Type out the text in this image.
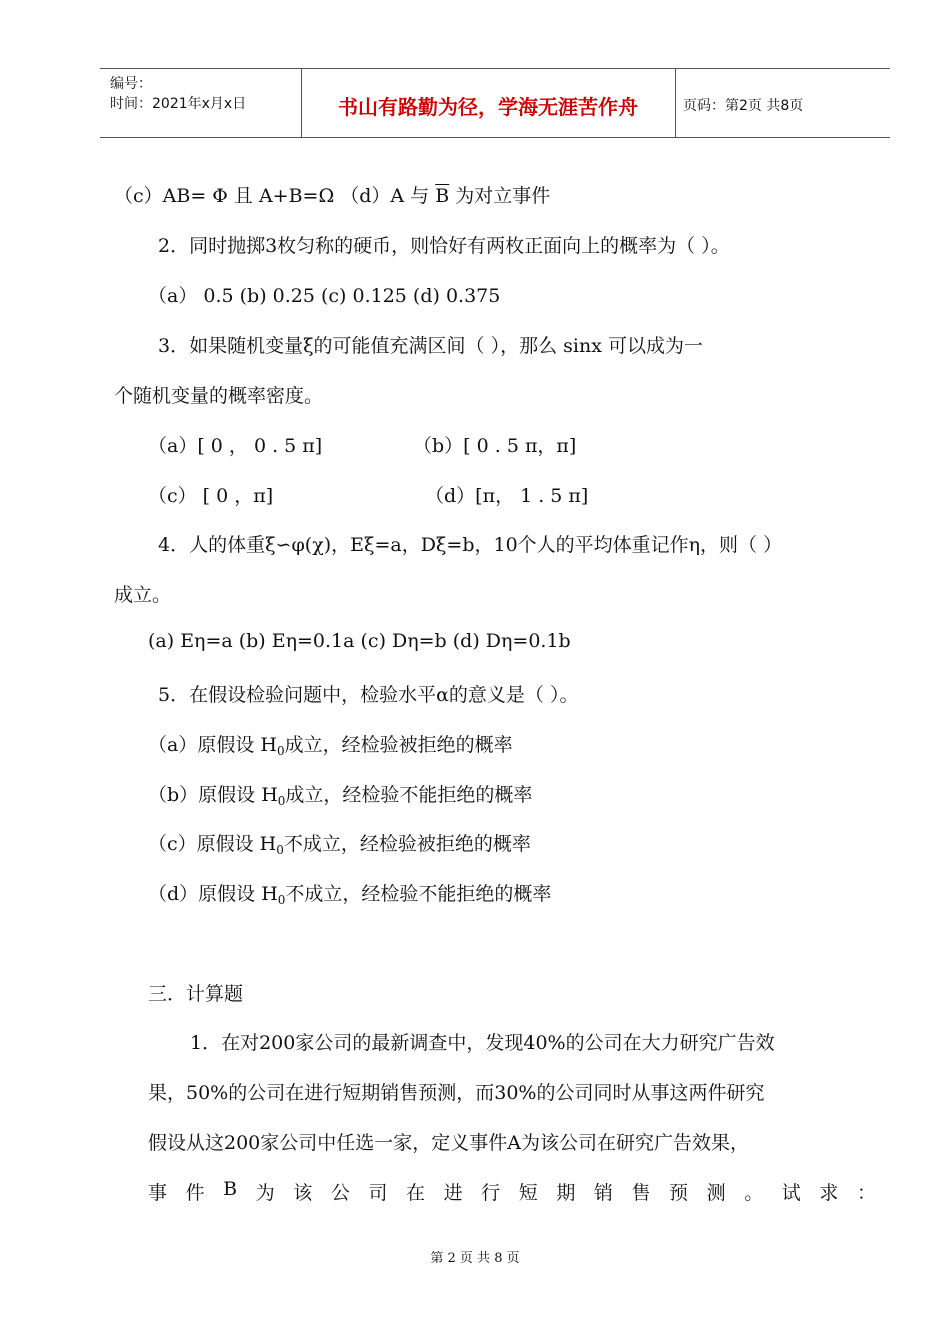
编号：
时间：2021年x月x日	书山有路勤为径，学海无涯苦作舟	页码：第2页 共8页
（c）AB= Φ 且 A+B=Ω （d）A 与 $\overline{B}$ 为对立事件
2．同时抛掷3枚匀称的硬币，则恰好有两枚正面向上的概率为（ ）。
（a） 0.5 (b) 0.25 (c) 0.125 (d) 0.375
3．如果随机变量ξ的可能值充满区间（ ），那么 sinx 可以成为一
个随机变量的概率密度。
（a）[ 0 ， 0 . 5 π]	（b）[ 0 . 5 π，π]
（c） [ 0 ，π]	（d）[π， 1 . 5 π]
4．人的体重ξ∽φ(χ)，Eξ=a，Dξ=b，10个人的平均体重记作η，则（ ）
成立。
(a) Eη=a (b) Eη=0.1a (c) Dη=b (d) Dη=0.1b
5．在假设检验问题中，检验水平α的意义是（ ）。
（a）原假设 $H_0$成立，经检验被拒绝的概率
（b）原假设 $H_0$成立，经检验不能拒绝的概率
（c）原假设 $H_0$不成立，经检验被拒绝的概率
（d）原假设 $H_0$不成立，经检验不能拒绝的概率
三．计算题
1．在对200家公司的最新调查中，发现40%的公司在大力研究广告效
果，50%的公司在进行短期销售预测，而30%的公司同时从事这两件研究
假设从这200家公司中任选一家，定义事件A为该公司在研究广告效果，
事 件 B 为 该 公 司 在 进 行 短 期 销 售 预 测 。 试 求 ：
第 2 页 共 8 页
